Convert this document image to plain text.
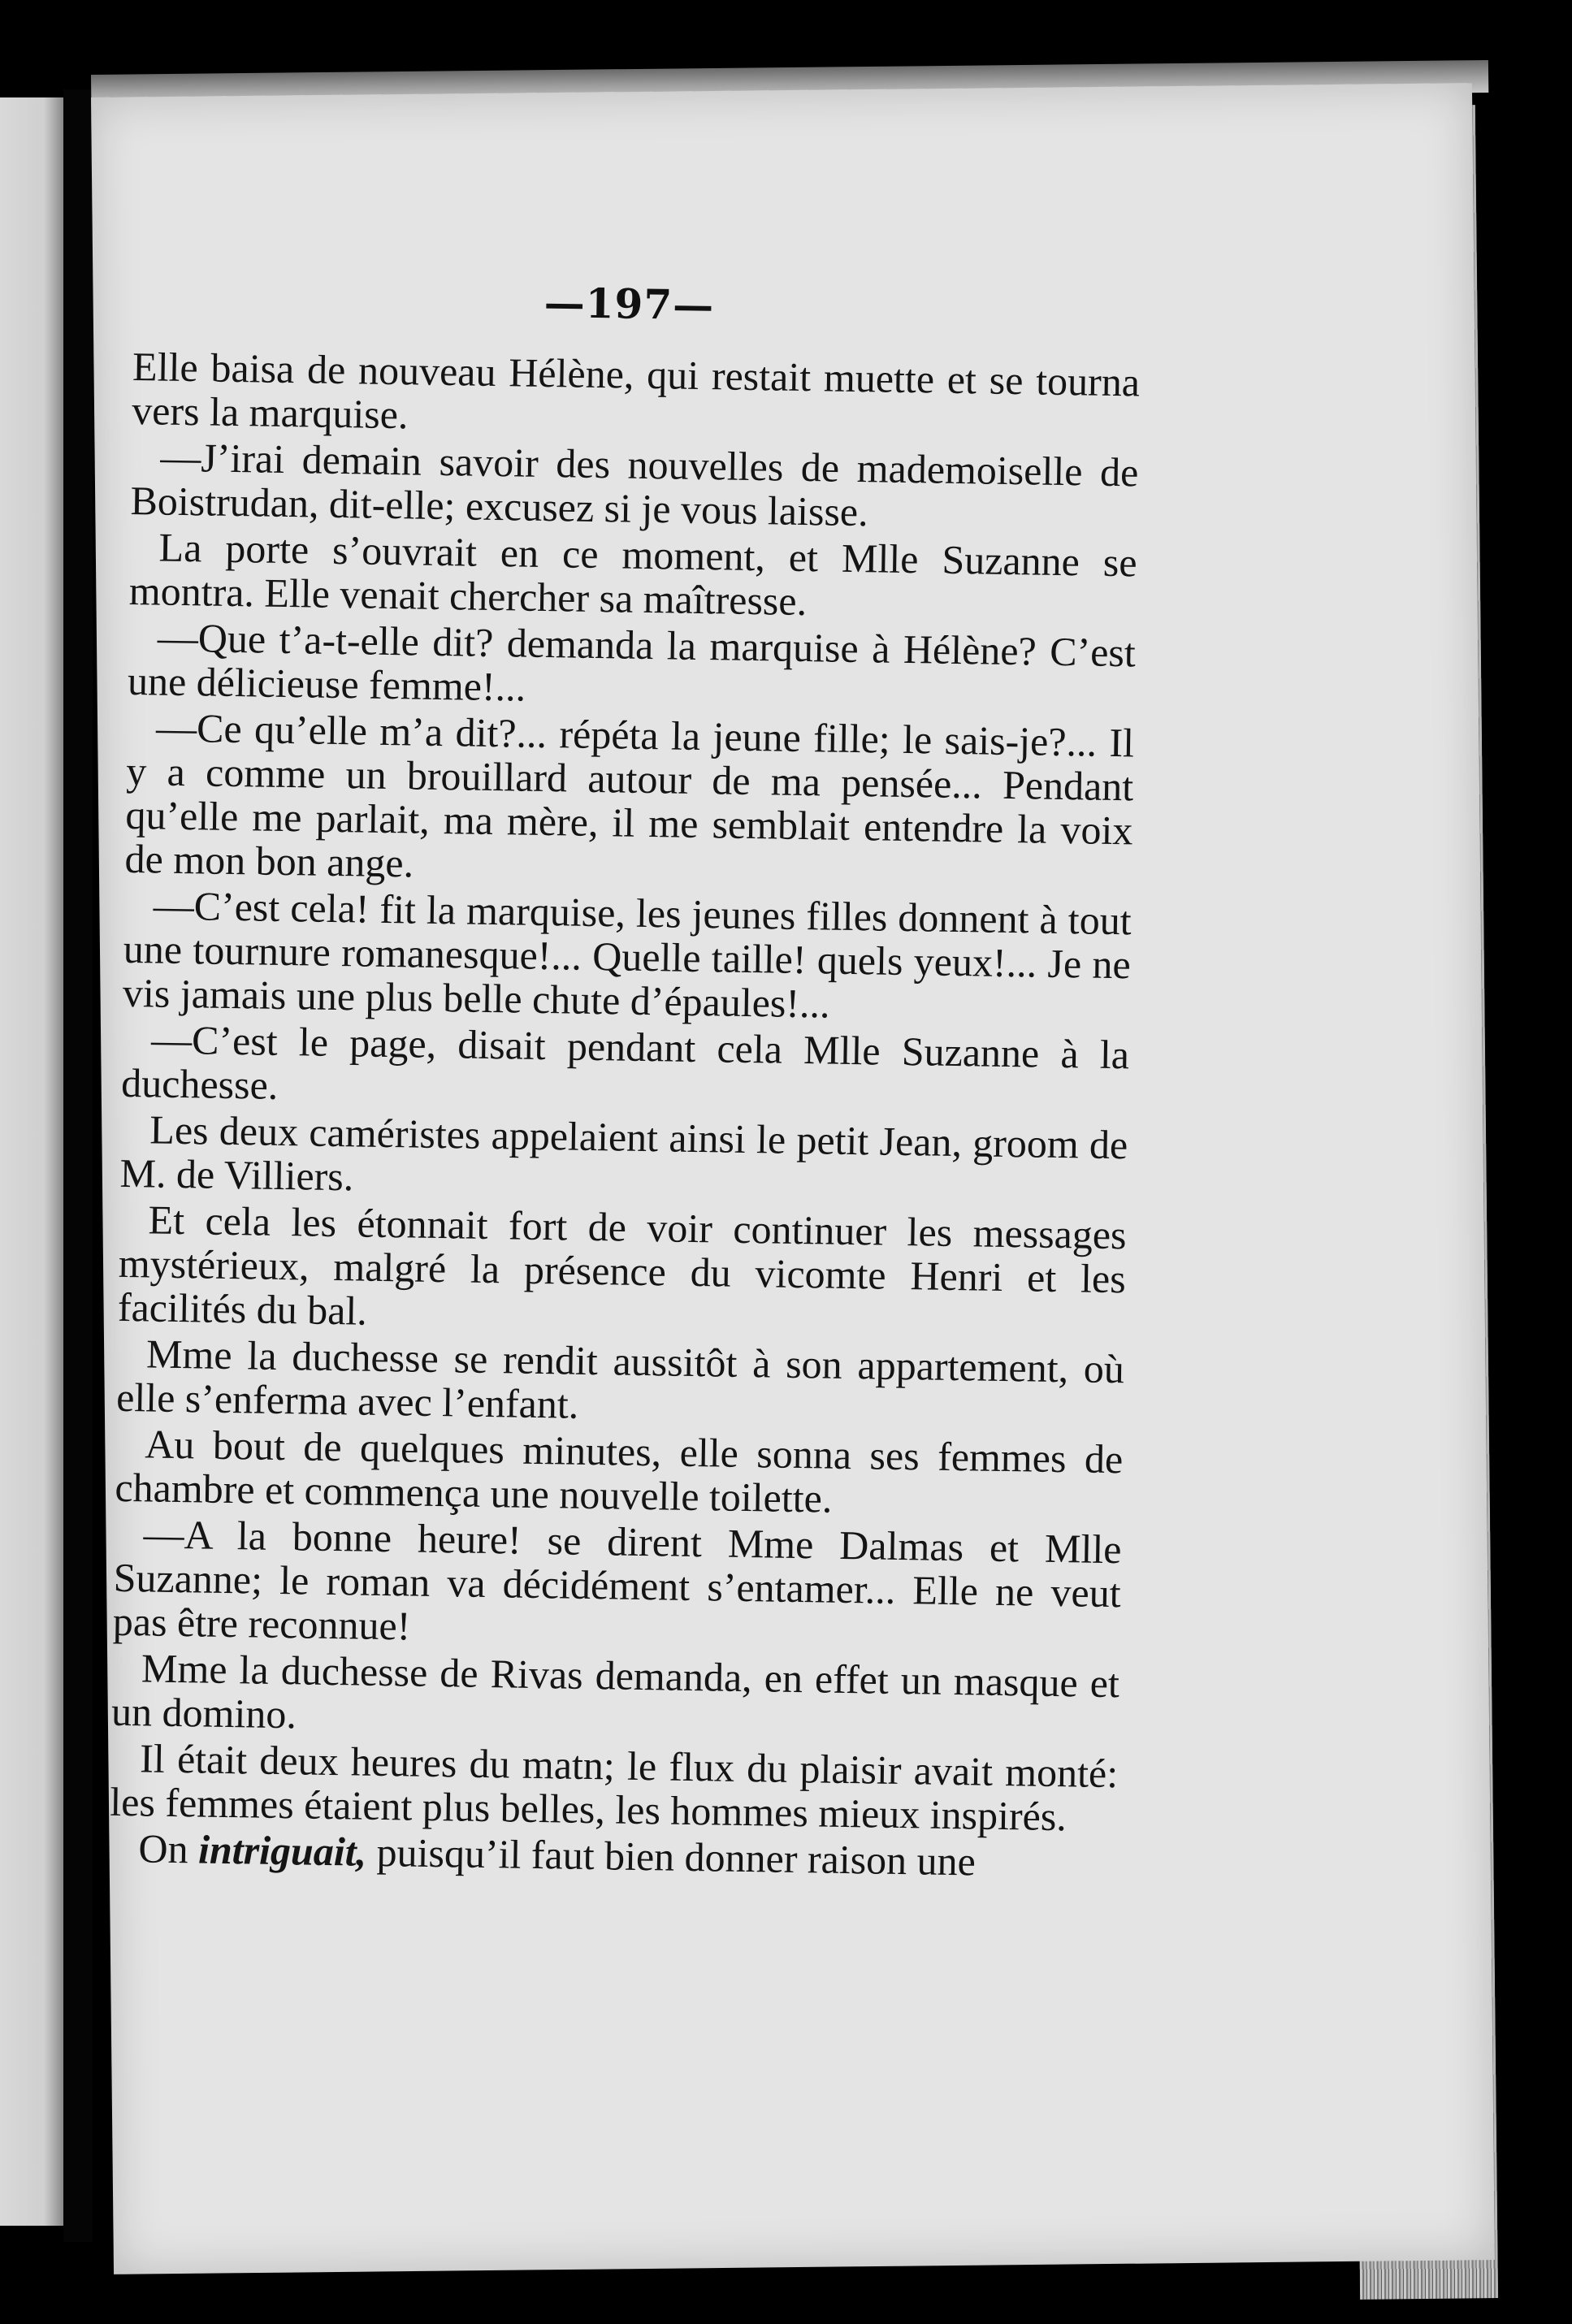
—197—

Elle baisa de nouveau Hélène, qui restait muette et se tourna vers la marquise.

—J’irai demain savoir des nouvelles de mademoiselle de Boistrudan, dit-elle; excusez si je vous laisse.

La porte s’ouvrait en ce moment, et Mlle Suzanne se montra. Elle venait chercher sa maîtresse.

—Que t’a-t-elle dit? demanda la marquise à Hélène? C’est une délicieuse femme!...

—Ce qu’elle m’a dit?... répéta la jeune fille; le sais-je?... Il y a comme un brouillard autour de ma pensée... Pendant qu’elle me parlait, ma mère, il me semblait entendre la voix de mon bon ange.

—C’est cela! fit la marquise, les jeunes filles donnent à tout une tournure romanesque!... Quelle taille! quels yeux!... Je ne vis jamais une plus belle chute d’épaules!...

—C’est le page, disait pendant cela Mlle Suzanne à la duchesse.

Les deux caméristes appelaient ainsi le petit Jean, groom de M. de Villiers.

Et cela les étonnait fort de voir continuer les messages mystérieux, malgré la présence du vicomte Henri et les facilités du bal.

Mme la duchesse se rendit aussitôt à son appartement, où elle s’enferma avec l’enfant.

Au bout de quelques minutes, elle sonna ses femmes de chambre et commença une nouvelle toilette.

—A la bonne heure! se dirent Mme Dalmas et Mlle Suzanne; le roman va décidément s’entamer... Elle ne veut pas être reconnue!

Mme la duchesse de Rivas demanda, en effet un masque et un domino.

Il était deux heures du matn; le flux du plaisir avait monté: les femmes étaient plus belles, les hommes mieux inspirés.

On intriguait, puisqu’il faut bien donner raison une
